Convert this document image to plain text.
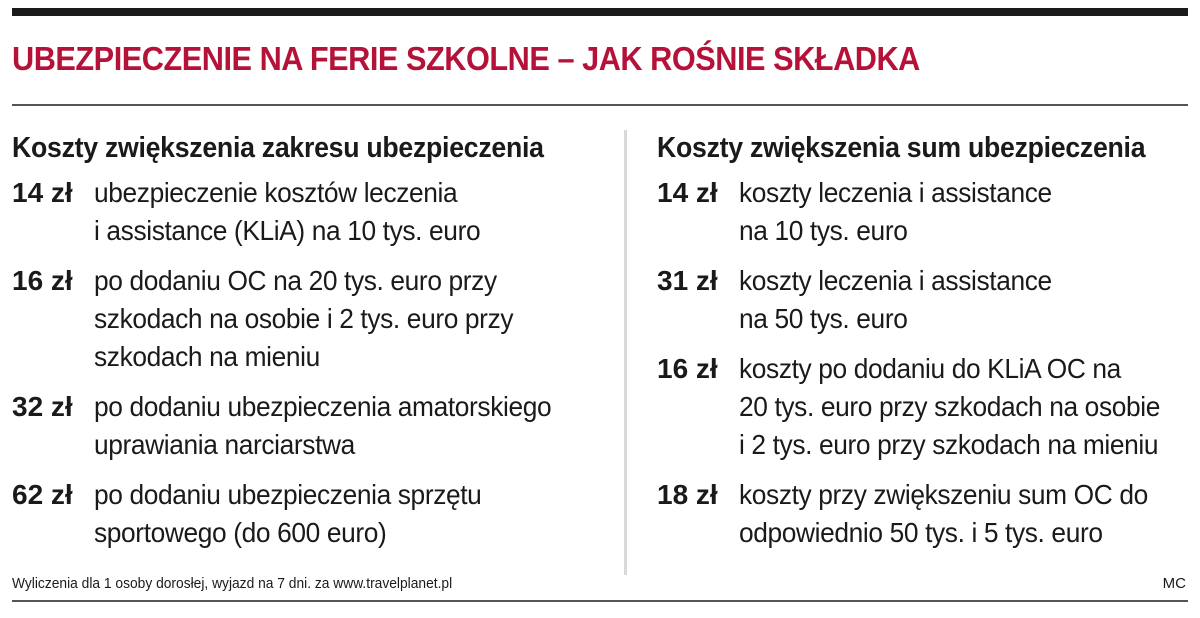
UBEZPIECZENIE NA FERIE SZKOLNE – JAK ROŚNIE SKŁADKA
Koszty zwiększenia zakresu ubezpieczenia
14 zł ubezpieczenie kosztów leczenia
i assistance (KLiA) na 10 tys. euro
16 zł po dodaniu OC na 20 tys. euro przy
szkodach na osobie i 2 tys. euro przy
szkodach na mieniu
32 zł po dodaniu ubezpieczenia amatorskiego
uprawiania narciarstwa
62 zł po dodaniu ubezpieczenia sprzętu
sportowego (do 600 euro)
Koszty zwiększenia sum ubezpieczenia
14 zł koszty leczenia i assistance
na 10 tys. euro
31 zł koszty leczenia i assistance
na 50 tys. euro
16 zł koszty po dodaniu do KLiA OC na
20 tys. euro przy szkodach na osobie
i 2 tys. euro przy szkodach na mieniu
18 zł koszty przy zwiększeniu sum OC do
odpowiednio 50 tys. i 5 tys. euro
Wyliczenia dla 1 osoby dorosłej, wyjazd na 7 dni. za www.travelplanet.pl	MC
